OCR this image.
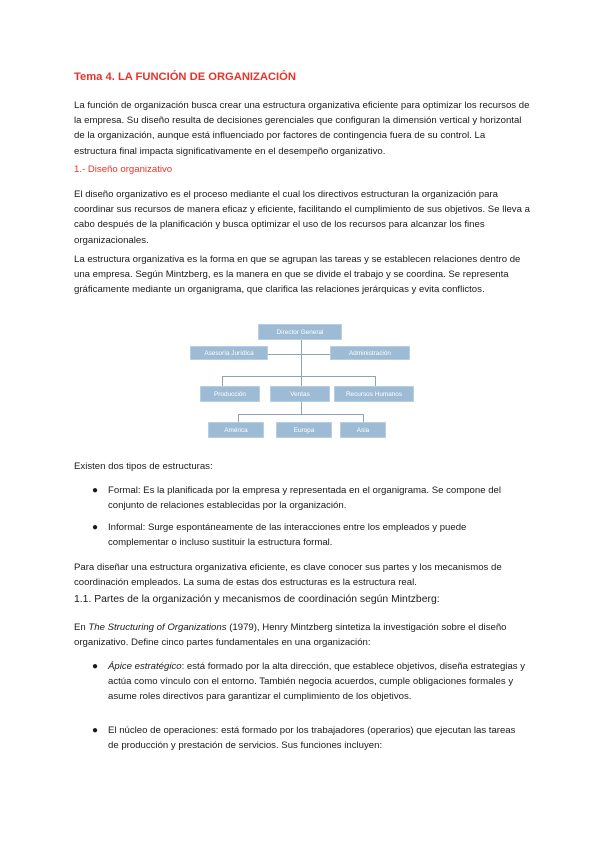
Tema 4. LA FUNCIÓN DE ORGANIZACIÓN

La función de organización busca crear una estructura organizativa eficiente para optimizar los recursos de la empresa. Su diseño resulta de decisiones gerenciales que configuran la dimensión vertical y horizontal de la organización, aunque está influenciado por factores de contingencia fuera de su control. La estructura final impacta significativamente en el desempeño organizativo.

1.- Diseño organizativo

El diseño organizativo es el proceso mediante el cual los directivos estructuran la organización para coordinar sus recursos de manera eficaz y eficiente, facilitando el cumplimiento de sus objetivos. Se lleva a cabo después de la planificación y busca optimizar el uso de los recursos para alcanzar los fines organizacionales.

La estructura organizativa es la forma en que se agrupan las tareas y se establecen relaciones dentro de una empresa. Según Mintzberg, es la manera en que se divide el trabajo y se coordina. Se representa gráficamente mediante un organigrama, que clarifica las relaciones jerárquicas y evita conflictos.

Director General
Asesoría Jurídica	Administración
Producción	Ventas	Recursos Humanos
América	Europa	Asia

Existen dos tipos de estructuras:

● Formal: Es la planificada por la empresa y representada en el organigrama. Se compone del conjunto de relaciones establecidas por la organización.

● Informal: Surge espontáneamente de las interacciones entre los empleados y puede complementar o incluso sustituir la estructura formal.

Para diseñar una estructura organizativa eficiente, es clave conocer sus partes y los mecanismos de coordinación empleados. La suma de estas dos estructuras es la estructura real.

1.1. Partes de la organización y mecanismos de coordinación según Mintzberg:

En The Structuring of Organizations (1979), Henry Mintzberg sintetiza la investigación sobre el diseño organizativo. Define cinco partes fundamentales en una organización:

● Ápice estratégico: está formado por la alta dirección, que establece objetivos, diseña estrategias y actúa como vínculo con el entorno. También negocia acuerdos, cumple obligaciones formales y asume roles directivos para garantizar el cumplimiento de los objetivos.

● El núcleo de operaciones: está formado por los trabajadores (operarios) que ejecutan las tareas de producción y prestación de servicios. Sus funciones incluyen:
